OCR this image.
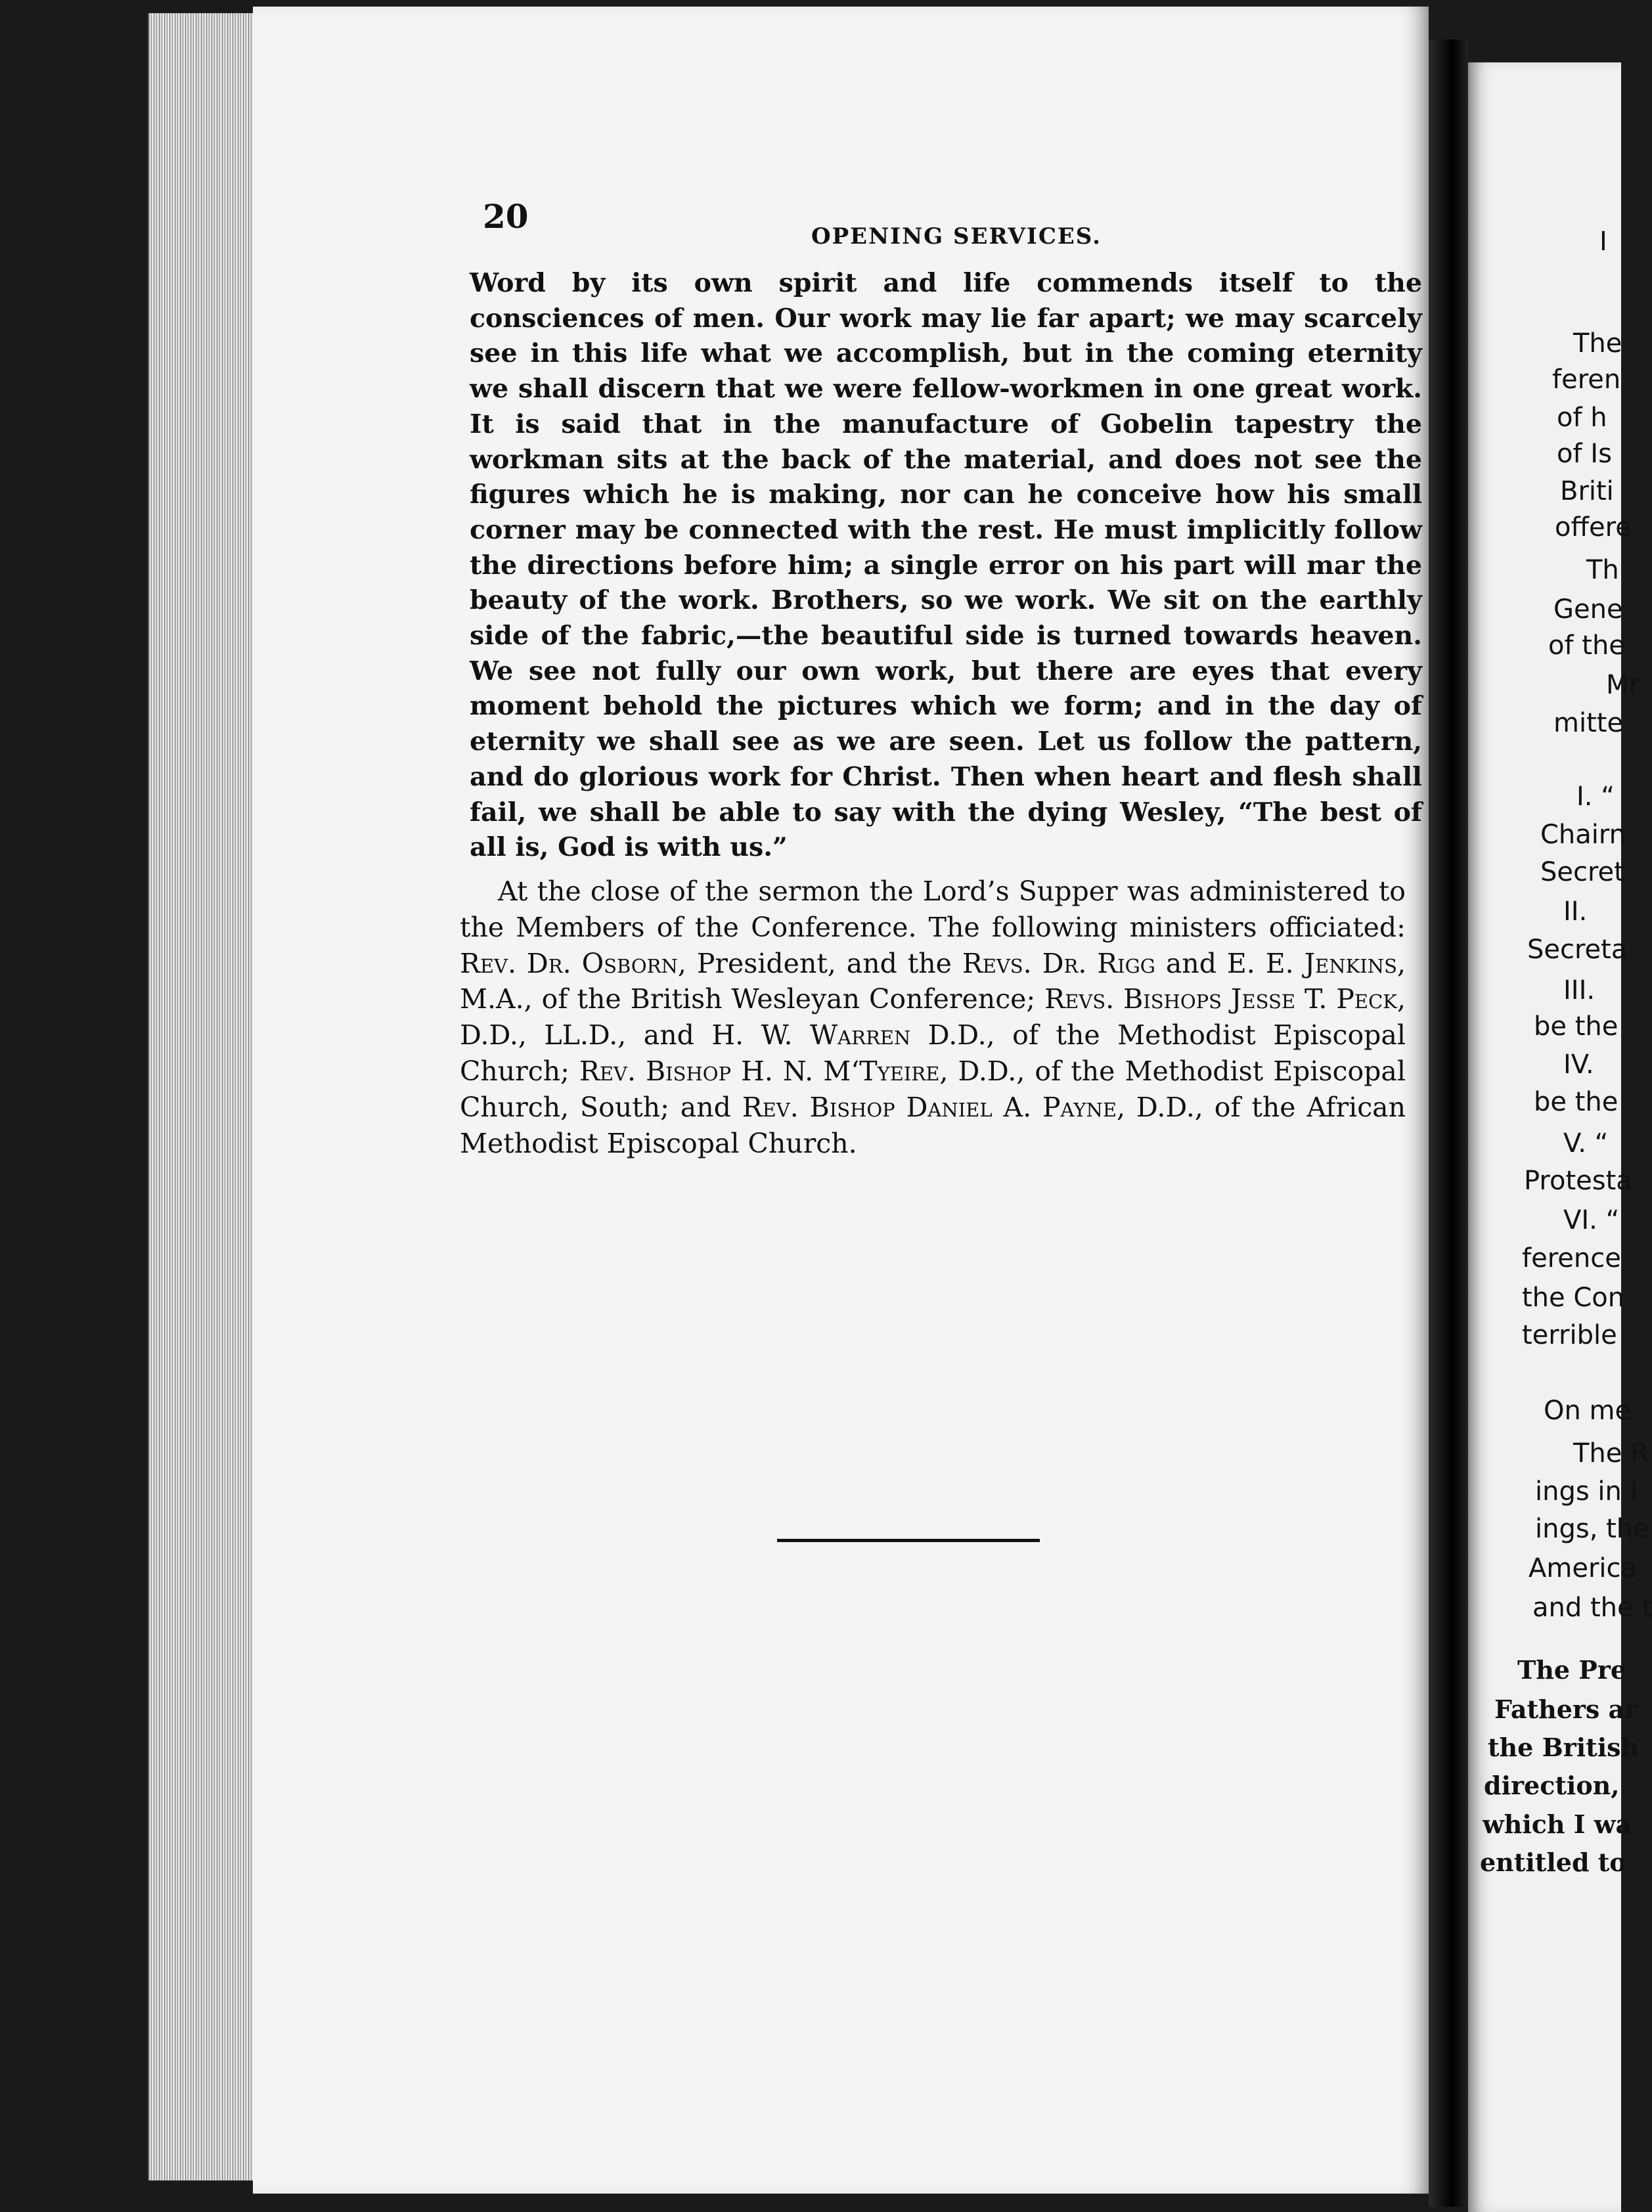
20
OPENING SERVICES.
Word by its own spirit and life commends itself to the consciences of men. Our work may lie far apart; we may scarcely see in this life what we accomplish, but in the coming eternity we shall discern that we were fellow-workmen in one great work. It is said that in the manufacture of Gobelin tapestry the workman sits at the back of the material, and does not see the figures which he is making, nor can he conceive how his small corner may be connected with the rest. He must implicitly follow the directions before him; a single error on his part will mar the beauty of the work. Brothers, so we work. We sit on the earthly side of the fabric,—the beautiful side is turned towards heaven. We see not fully our own work, but there are eyes that every moment behold the pictures which we form; and in the day of eternity we shall see as we are seen. Let us follow the pattern, and do glorious work for Christ. Then when heart and flesh shall fail, we shall be able to say with the dying Wesley, “The best of all is, God is with us.”
At the close of the sermon the Lord’s Supper was administered to the Members of the Conference. The following ministers officiated: Rev. Dr. Osborn, President, and the Revs. Dr. Rigg and E. E. Jenkins, M.A., of the British Wesleyan Conference; Revs. Bishops Jesse T. Peck, D.D., LL.D., and H. W. Warren D.D., of the Methodist Episcopal Church; Rev. Bishop H. N. M‘Tyeire, D.D., of the Methodist Episcopal Church, South; and Rev. Bishop Daniel A. Payne, D.D., of the African Methodist Episcopal Church.
I
The
feren
of h
of Is
Briti
offere
Th
Gene
of the
Mr
mitte
I. “
Chairn
Secret
II.
Secreta
III.
be the
IV.
be the
V. “
Protesta
VI. “
ference
the Con
terrible
On me
The R
ings in I
ings, the
America
and the t
The Pre
Fathers ar
the British
direction,
which I wa
entitled to
